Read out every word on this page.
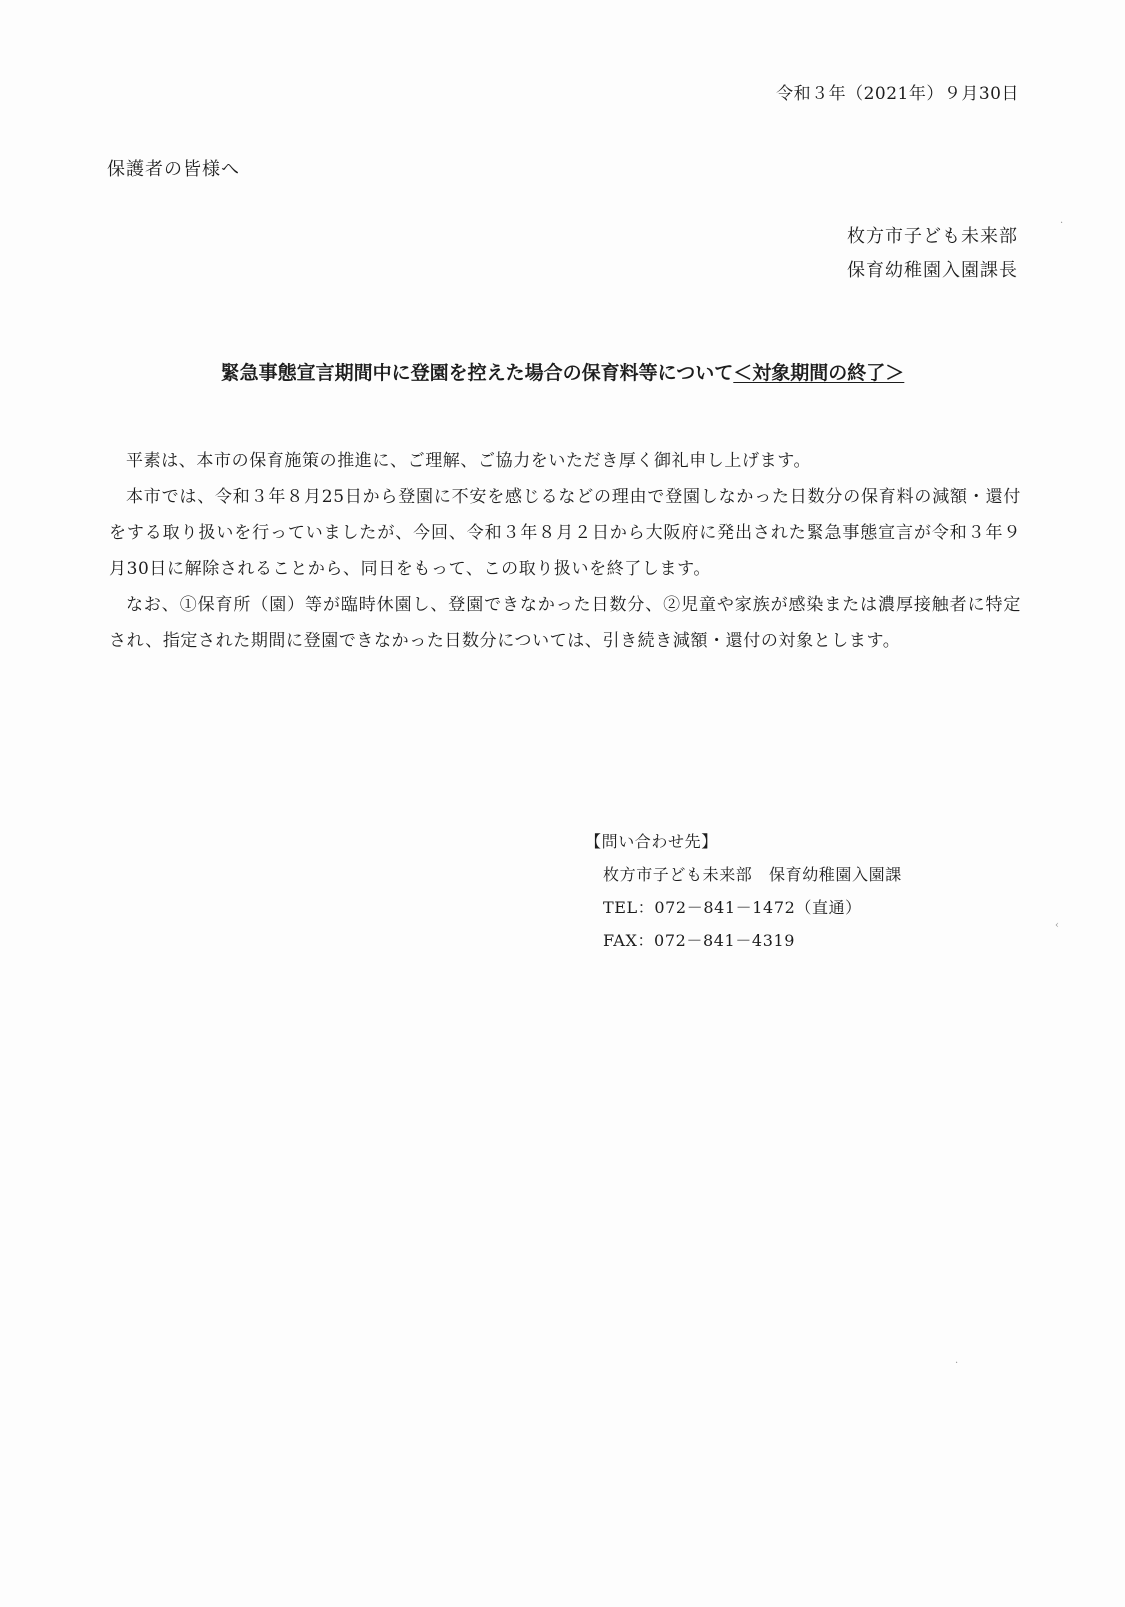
令和３年（2021年）９月30日
保護者の皆様へ
枚方市子ども未来部
保育幼稚園入園課長
緊急事態宣言期間中に登園を控えた場合の保育料等について＜対象期間の終了＞

平素は、本市の保育施策の推進に、ご理解、ご協力をいただき厚く御礼申し上げます。

本市では、令和３年８月25日から登園に不安を感じるなどの理由で登園しなかった日数分の保育料の減額・還付をする取り扱いを行っていましたが、今回、令和３年８月２日から大阪府に発出された緊急事態宣言が令和３年９月30日に解除されることから、同日をもって、この取り扱いを終了します。

なお、①保育所（園）等が臨時休園し、登園できなかった日数分、②児童や家族が感染または濃厚接触者に特定され、指定された期間に登園できなかった日数分については、引き続き減額・還付の対象とします。

【問い合わせ先】
枚方市子ども未来部　保育幼稚園入園課
TEL：072－841－1472（直通）
FAX：072－841－4319
·
‹
·
